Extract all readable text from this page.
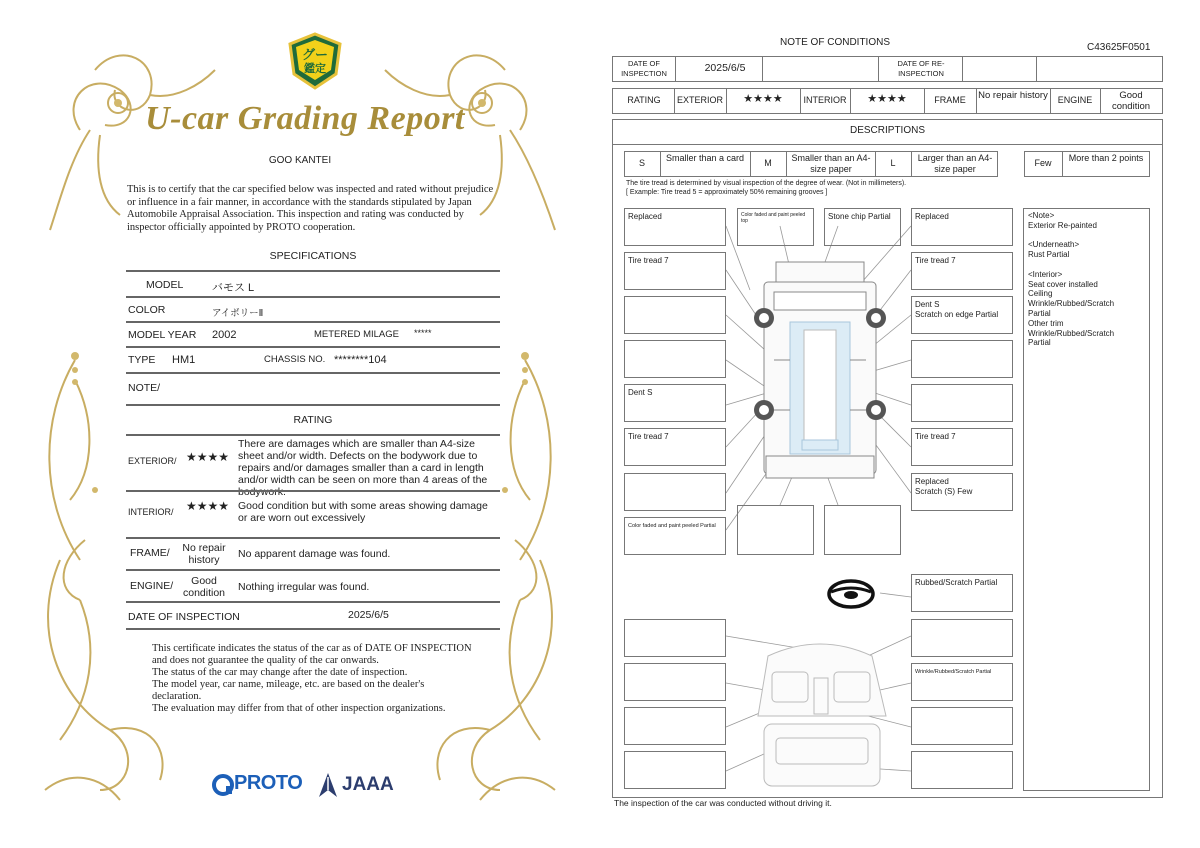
グー
鑑定
U-car Grading Report
GOO KANTEI
This is to certify that the car specified below was inspected and rated without prejudice or influence in a fair manner, in accordance with the standards stipulated by Japan Automobile Appraisal Association. This inspection and rating was conducted by inspector officially appointed by PROTO cooperation.
SPECIFICATIONS
MODEL	バモス L
COLOR	アイボリーⅡ
MODEL YEAR 2002	METERED MILAGE *****
TYPE HM1	CHASSIS NO. ********104
NOTE/
RATING
EXTERIOR/ ★★★★
There are damages which are smaller than A4-size sheet and/or width. Defects on the bodywork due to repairs and/or damages smaller than a card in length and/or width can be seen on more than 4 areas of the bodywork.
INTERIOR/ ★★★★ Good condition but with some areas showing damage or are worn out excessively
FRAME/	No repair history	No apparent damage was found.
ENGINE/	Good condition	Nothing irregular was found.
DATE OF INSPECTION	2025/6/5
This certificate indicates the status of the car as of DATE OF INSPECTION and does not guarantee the quality of the car onwards.
The status of the car may change after the date of inspection.
The model year, car name, mileage, etc. are based on the dealer's declaration.
The evaluation may differ from that of other inspection organizations.
PROTO JAAA
NOTE OF CONDITIONS	C43625F0501
DATE OF INSPECTION	2025/6/5	DATE OF RE-INSPECTION
RATING	EXTERIOR	★★★★	INTERIOR	★★★★	FRAME	No repair history	ENGINE	Good condition
DESCRIPTIONS
S	Smaller than a card	M	Smaller than an A4-size paper
L	Larger than an A4-size paper
Few	More than 2 points
The tire tread is determined by visual inspection of the degree of wear. (Not in millimeters).
[ Example: Tire tread 5 = approximately 50% remaining grooves ]
<Note>
Exterior Re-painted
<Underneath>
Rust Partial
<Interior>
Seat cover installed
Ceiling
Wrinkle/Rubbed/Scratch
Partial
Other trim
Wrinkle/Rubbed/Scratch
Partial
Replaced	Color faded and paint peeled top	Stone chip Partial	Replaced
Tire tread 7	Tire tread 7
Dent S
Scratch on edge Partial
Dent S
Tire tread 7	Tire tread 7
Replaced
Scratch (S) Few
Color faded and paint peeled Partial
Rubbed/Scratch Partial
Wrinkle/Rubbed/Scratch Partial
The inspection of the car was conducted without driving it.
